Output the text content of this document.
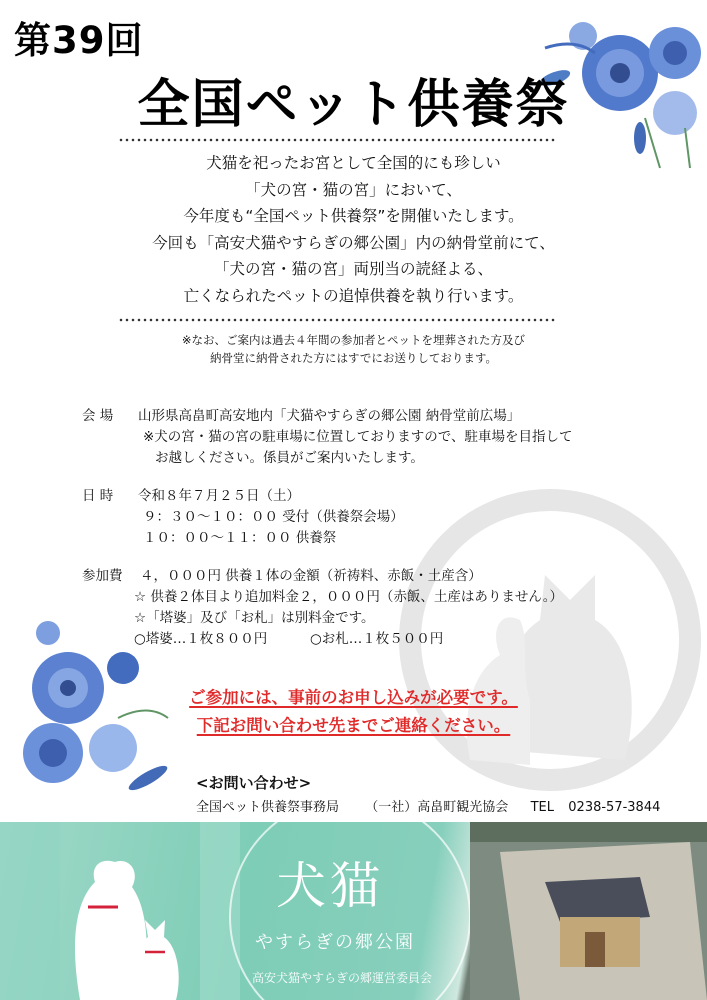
第39回
全国ペット供養祭
犬猫を祀ったお宮として全国的にも珍しい
「犬の宮・猫の宮」において、
今年度も“全国ペット供養祭”を開催いたします。
今回も「高安犬猫やすらぎの郷公園」内の納骨堂前にて、
「犬の宮・猫の宮」両別当の読経よる、
亡くなられたペットの追悼供養を執り行います。
※なお、ご案内は過去４年間の参加者とペットを埋葬された方及び
納骨堂に納骨された方にはすでにお送りしております。
会 場 山形県高畠町高安地内「犬猫やすらぎの郷公園 納骨堂前広場」
※犬の宮・猫の宮の駐車場に位置しておりますので、駐車場を目指して
お越しください。係員がご案内いたします。
日 時 令和８年７月２５日（土）
９：３０～１０：００ 受付（供養祭会場）
１０：００～１１：００ 供養祭
参加費 ４，０００円 供養１体の金額（祈祷料、赤飯・土産含）
☆ 供養２体目より追加料金２，０００円（赤飯、土産はありません。）
☆「塔婆」及び「お札」は別料金です。
○塔婆…１枚８００円	○お札…１枚５００円
ご参加には、事前のお申し込みが必要です。
下記お問い合わせ先までご連絡ください。
<お問い合わせ>
全国ペット供養祭事務局 （一社）高畠町観光協会 TEL 0238-57-3844
犬猫
やすらぎの郷公園
高安犬猫やすらぎの郷運営委員会
